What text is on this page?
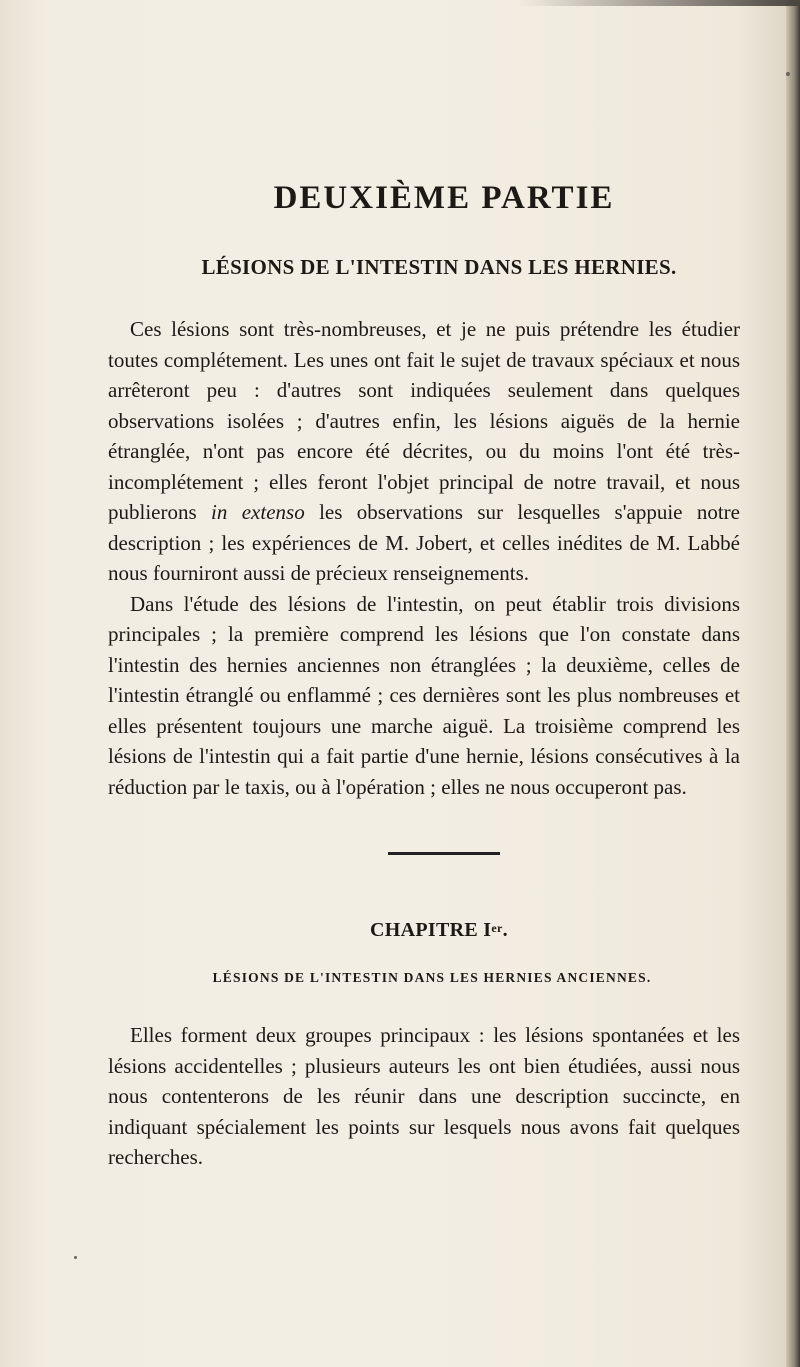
DEUXIÈME PARTIE
LÉSIONS DE L'INTESTIN DANS LES HERNIES.

Ces lésions sont très-nombreuses, et je ne puis prétendre les étudier toutes complétement. Les unes ont fait le sujet de travaux spéciaux et nous arrêteront peu : d'autres sont indiquées seulement dans quelques observations isolées ; d'autres enfin, les lésions aiguës de la hernie étranglée, n'ont pas encore été décrites, ou du moins l'ont été très-incomplétement ; elles feront l'objet principal de notre travail, et nous publierons in extenso les observations sur lesquelles s'appuie notre description ; les expériences de M. Jobert, et celles inédites de M. Labbé nous fourniront aussi de précieux renseignements.

Dans l'étude des lésions de l'intestin, on peut établir trois divisions principales ; la première comprend les lésions que l'on constate dans l'intestin des hernies anciennes non étranglées ; la deuxième, celles de l'intestin étranglé ou enflammé ; ces dernières sont les plus nombreuses et elles présentent toujours une marche aiguë. La troisième comprend les lésions de l'intestin qui a fait partie d'une hernie, lésions consécutives à la réduction par le taxis, ou à l'opération ; elles ne nous occuperont pas.

CHAPITRE Ier.
LÉSIONS DE L'INTESTIN DANS LES HERNIES ANCIENNES.

Elles forment deux groupes principaux : les lésions spontanées et les lésions accidentelles ; plusieurs auteurs les ont bien étudiées, aussi nous nous contenterons de les réunir dans une description succincte, en indiquant spécialement les points sur lesquels nous avons fait quelques recherches.
